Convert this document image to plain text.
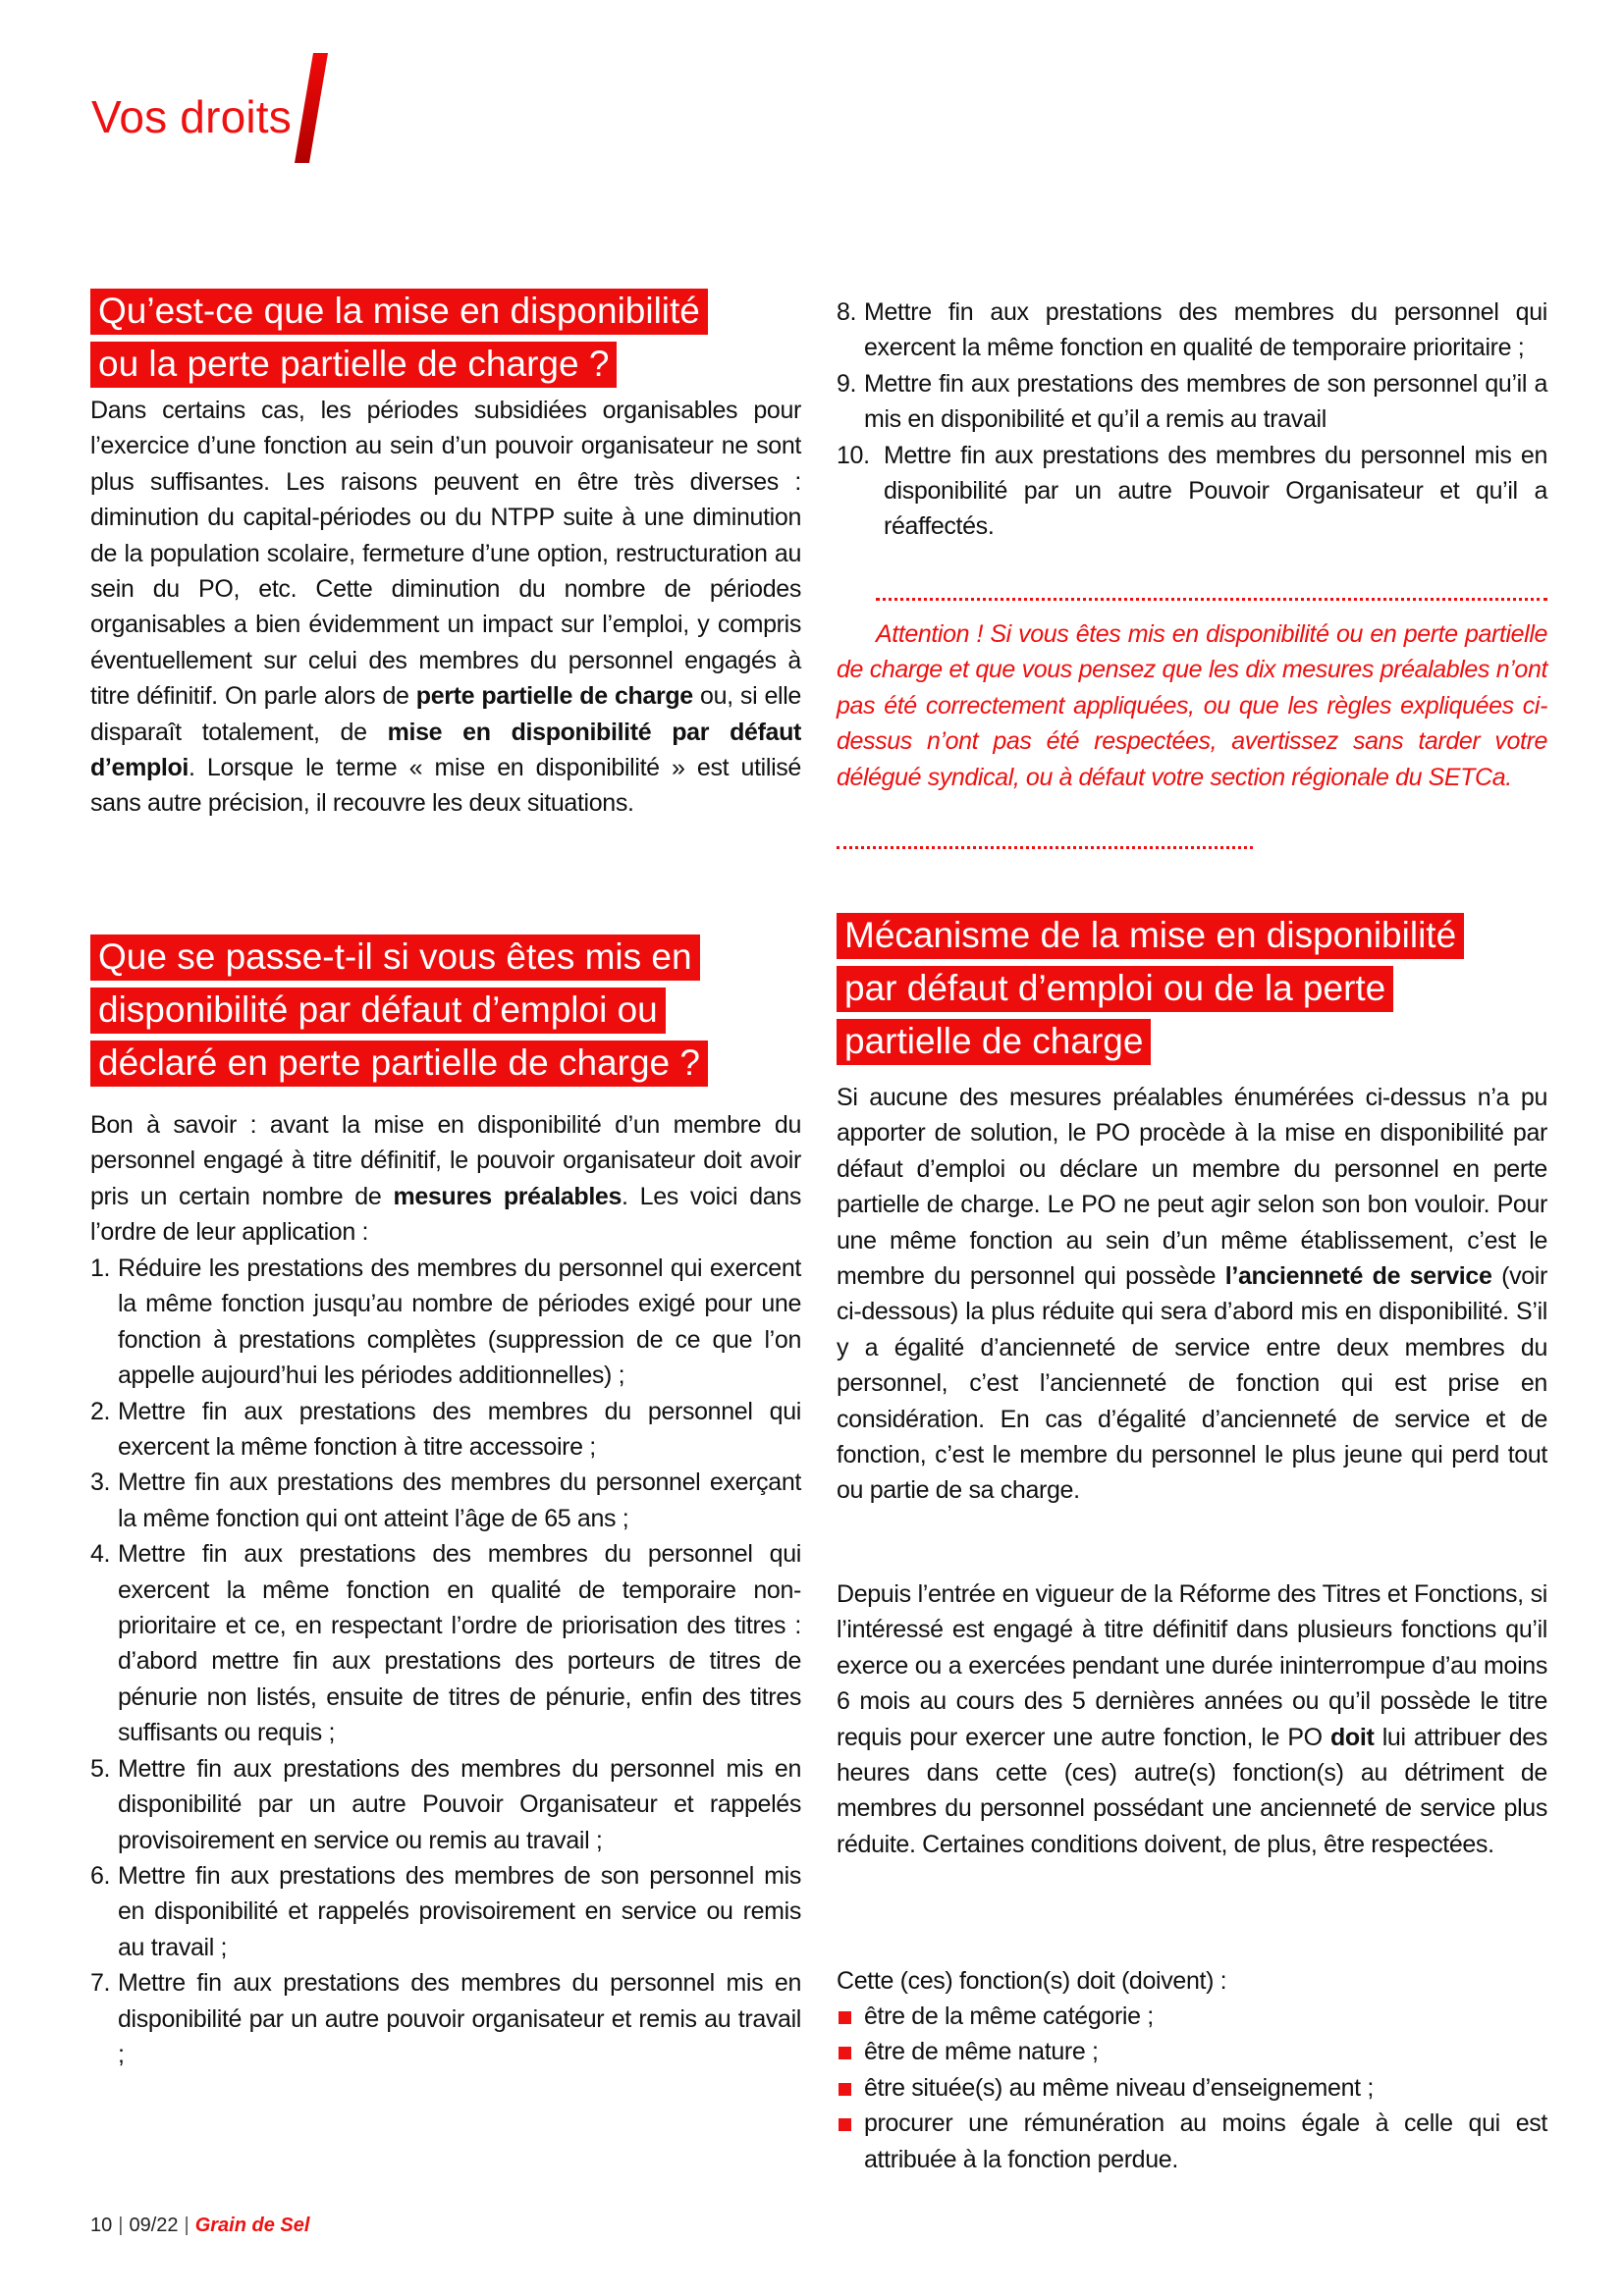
Vos droits
Qu’est-ce que la mise en disponibilité
ou la perte partielle de charge ?

Dans certains cas, les périodes subsidiées organisables pour l’exercice d’une fonction au sein d’un pouvoir organisateur ne sont plus suffisantes. Les raisons peuvent en être très diverses : diminution du capital-périodes ou du NTPP suite à une diminution de la population scolaire, fermeture d’une option, restructuration au sein du PO, etc. Cette diminution du nombre de périodes organisables a bien évidemment un impact sur l’emploi, y compris éventuellement sur celui des membres du personnel engagés à titre définitif. On parle alors de perte partielle de charge ou, si elle disparaît totalement, de mise en disponibilité par défaut d’emploi. Lorsque le terme « mise en disponibilité » est utilisé sans autre précision, il recouvre les deux situations.

Que se passe-t-il si vous êtes mis en
disponibilité par défaut d’emploi ou
déclaré en perte partielle de charge ?

Bon à savoir : avant la mise en disponibilité d’un membre du personnel engagé à titre définitif, le pouvoir organisateur doit avoir pris un certain nombre de mesures préalables. Les voici dans l’ordre de leur application :

1. Réduire les prestations des membres du personnel qui exercent la même fonction jusqu’au nombre de périodes exigé pour une fonction à prestations complètes (suppression de ce que l’on appelle aujourd’hui les périodes additionnelles) ;
2. Mettre fin aux prestations des membres du personnel qui exercent la même fonction à titre accessoire ;
3. Mettre fin aux prestations des membres du personnel exerçant la même fonction qui ont atteint l’âge de 65 ans ;
4. Mettre fin aux prestations des membres du personnel qui exercent la même fonction en qualité de temporaire non-prioritaire et ce, en respectant l’ordre de priorisation des titres : d’abord mettre fin aux prestations des porteurs de titres de pénurie non listés, ensuite de titres de pénurie, enfin des titres suffisants ou requis ;
5. Mettre fin aux prestations des membres du personnel mis en disponibilité par un autre Pouvoir Organisateur et rappelés provisoirement en service ou remis au travail ;
6. Mettre fin aux prestations des membres de son personnel mis en disponibilité et rappelés provisoirement en service ou remis au travail ;
7. Mettre fin aux prestations des membres du personnel mis en disponibilité par un autre pouvoir organisateur et remis au travail ;
8. Mettre fin aux prestations des membres du personnel qui exercent la même fonction en qualité de temporaire prioritaire ;
9. Mettre fin aux prestations des membres de son personnel qu’il a mis en disponibilité et qu’il a remis au travail
10. Mettre fin aux prestations des membres du personnel mis en disponibilité par un autre Pouvoir Organisateur et qu’il a réaffectés.

Attention ! Si vous êtes mis en disponibilité ou en perte partielle de charge et que vous pensez que les dix mesures préalables n’ont pas été correctement appliquées, ou que les règles expliquées ci-dessus n’ont pas été respectées, avertissez sans tarder votre délégué syndical, ou à défaut votre section régionale du SETCa.

Mécanisme de la mise en disponibilité
par défaut d’emploi ou de la perte
partielle de charge

Si aucune des mesures préalables énumérées ci-dessus n’a pu apporter de solution, le PO procède à la mise en disponibilité par défaut d’emploi ou déclare un membre du personnel en perte partielle de charge. Le PO ne peut agir selon son bon vouloir. Pour une même fonction au sein d’un même établissement, c’est le membre du personnel qui possède l’ancienneté de service (voir ci-dessous) la plus réduite qui sera d’abord mis en disponibilité. S’il y a égalité d’ancienneté de service entre deux membres du personnel, c’est l’ancienneté de fonction qui est prise en considération. En cas d’égalité d’ancienneté de service et de fonction, c’est le membre du personnel le plus jeune qui perd tout ou partie de sa charge.

Depuis l’entrée en vigueur de la Réforme des Titres et Fonctions, si l’intéressé est engagé à titre définitif dans plusieurs fonctions qu’il exerce ou a exercées pendant une durée ininterrompue d’au moins 6 mois au cours des 5 dernières années ou qu’il possède le titre requis pour exercer une autre fonction, le PO doit lui attribuer des heures dans cette (ces) autre(s) fonction(s) au détriment de membres du personnel possédant une ancienneté de service plus réduite. Certaines conditions doivent, de plus, être respectées.

Cette (ces) fonction(s) doit (doivent) :

être de la même catégorie ;
être de même nature ;
être située(s) au même niveau d’enseignement ;
procurer une rémunération au moins égale à celle qui est attribuée à la fonction perdue.
10 | 09/22 | Grain de Sel
